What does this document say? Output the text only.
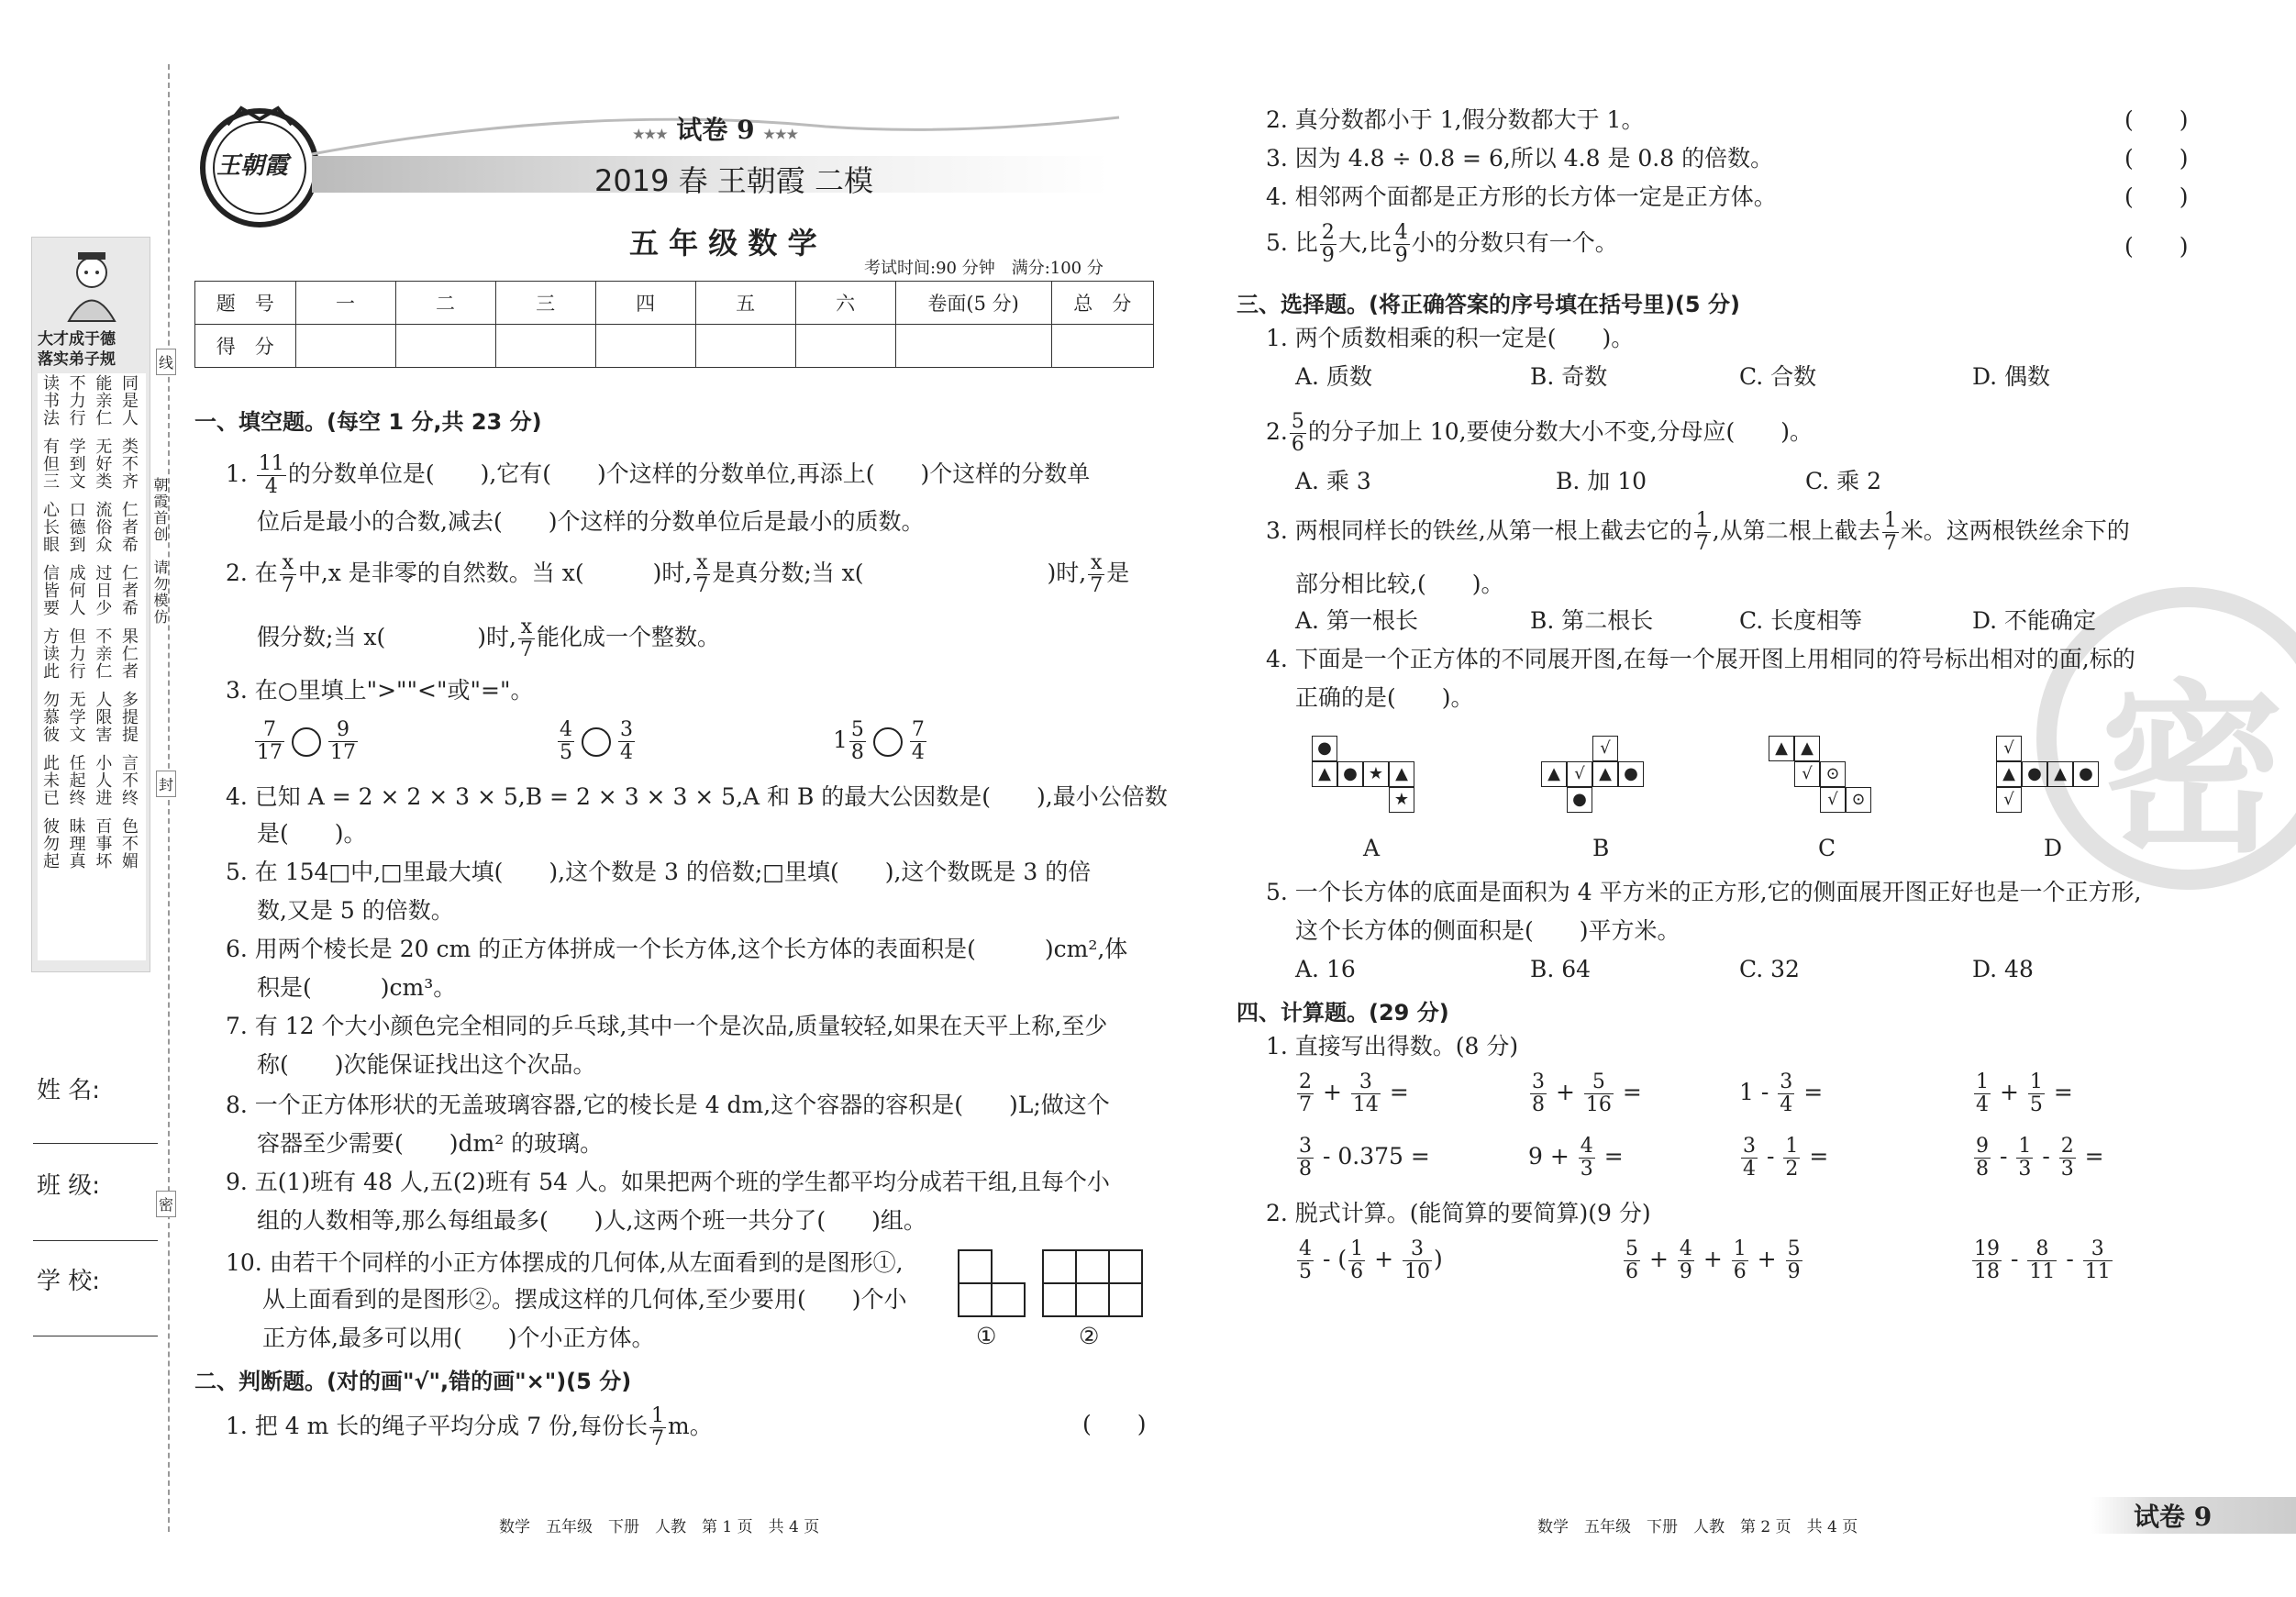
大才成于德
落实弟子规
读书法 不力行 能亲仁 同是人
有但三 学到文 无好类 类不齐
心长眼 口德到 流俗众 仁者希
信皆要 成何人 过日少 仁者希
方读此 但力行 不亲仁 果仁者
勿慕彼 无学文 人限害 多提提
此未已 任起终 小人进 言不终
彼勿起 昧理真 百事坏 色不媚
朝霞首创　请勿模仿
线
封
密
姓 名:
班 级:
学 校:
王朝霞
★★★ 试卷 9 ★★★
2019 春 王朝霞 二模
五 年 级 数 学
考试时间:90 分钟　满分:100 分
题　号	一	二	三	四	五	六	卷面(5 分)	总　分
得　分								
一、填空题。(每空 1 分,共 23 分)
1. $\frac{11}{4}$ 的分数单位是(　　),它有(　　)个这样的分数单位,再添上(　　)个这样的分数单
位后是最小的合数,减去(　　)个这样的分数单位后是最小的质数。
2. 在 $\frac{x}{7}$ 中,x 是非零的自然数。当 x(　　　)时, $\frac{x}{7}$ 是真分数;当 x(　　　　　　　　)时, $\frac{x}{7}$ 是
假分数;当 x(　　　　)时, $\frac{x}{7}$ 能化成一个整数。
3. 在○里填上">""<"或"="。
$\frac{7}{17} \frac{9}{17}$	$\frac{4}{5} \frac{3}{4}$	$1 \frac{5}{8} \frac{7}{4}$
4. 已知 A = 2 × 2 × 3 × 5,B = 2 × 3 × 3 × 5,A 和 B 的最大公因数是(　　),最小公倍数
是(　　)。
5. 在 154□中,□里最大填(　　),这个数是 3 的倍数;□里填(　　),这个数既是 3 的倍
数,又是 5 的倍数。
6. 用两个棱长是 20 cm 的正方体拼成一个长方体,这个长方体的表面积是(　　　)cm²,体
积是(　　　)cm³。
7. 有 12 个大小颜色完全相同的乒乓球,其中一个是次品,质量较轻,如果在天平上称,至少
称(　　)次能保证找出这个次品。
8. 一个正方体形状的无盖玻璃容器,它的棱长是 4 dm,这个容器的容积是(　　)L;做这个
容器至少需要(　　)dm² 的玻璃。
9. 五(1)班有 48 人,五(2)班有 54 人。如果把两个班的学生都平均分成若干组,且每个小
组的人数相等,那么每组最多(　　)人,这两个班一共分了(　　)组。
10. 由若干个同样的小正方体摆成的几何体,从左面看到的是图形①,
从上面看到的是图形②。摆成这样的几何体,至少要用(　　)个小
正方体,最多可以用(　　)个小正方体。	①	②
二、判断题。(对的画"√",错的画"×")(5 分)
1. 把 4 m 长的绳子平均分成 7 份,每份长 $\frac{1}{7}$ m。	(　　)
2. 真分数都小于 1,假分数都大于 1。	(　　)
3. 因为 4.8 ÷ 0.8 = 6,所以 4.8 是 0.8 的倍数。	(　　)
4. 相邻两个面都是正方形的长方体一定是正方体。	(　　)
5. 比 $\frac{2}{9}$ 大,比 $\frac{4}{9}$ 小的分数只有一个。	(　　)
密
三、选择题。(将正确答案的序号填在括号里)(5 分)
1. 两个质数相乘的积一定是(　　)。
A. 质数	B. 奇数	C. 合数	D. 偶数
2. $\frac{5}{6}$ 的分子加上 10,要使分数大小不变,分母应(　　)。
A. 乘 3	B. 加 10	C. 乘 2
3. 两根同样长的铁丝,从第一根上截去它的 $\frac{1}{7}$ ,从第二根上截去 $\frac{1}{7}$ 米。这两根铁丝余下的
部分相比较,(　　)。
A. 第一根长	B. 第二根长	C. 长度相等	D. 不能确定
4. 下面是一个正方体的不同展开图,在每一个展开图上用相同的符号标出相对的面,标的
正确的是(　　)。
●
▲ ● ★ ▲
★
A
√
▲ √ ▲ ●
●
B
▲ ▲
√ ⊙
√ ⊙
C
√
▲ ● ▲ ●
√
D
5. 一个长方体的底面是面积为 4 平方米的正方形,它的侧面展开图正好也是一个正方形,
这个长方体的侧面积是(　　)平方米。
A. 16	B. 64	C. 32	D. 48
四、计算题。(29 分)
1. 直接写出得数。(8 分)
$\frac{2}{7} + \frac{3}{14}$ =	$\frac{3}{8} + \frac{5}{16}$ =	$1 - \frac{3}{4}$ =	$\frac{1}{4} + \frac{1}{5}$ =
$\frac{3}{8} - 0.375$ =	$9 + \frac{4}{3}$ =	$\frac{3}{4} - \frac{1}{2}$ =	$\frac{9}{8} - \frac{1}{3} - \frac{2}{3}$ =
2. 脱式计算。(能简算的要简算)(9 分)
$\frac{4}{5}$ - ( $\frac{1}{6} + \frac{3}{10}$ )	$\frac{5}{6} + \frac{4}{9} + \frac{1}{6} + \frac{5}{9}$	$\frac{19}{18} - \frac{8}{11} - \frac{3}{11}$
数学　五年级　下册　人教　第 1 页　共 4 页	数学　五年级　下册　人教　第 2 页　共 4 页	试卷 9
